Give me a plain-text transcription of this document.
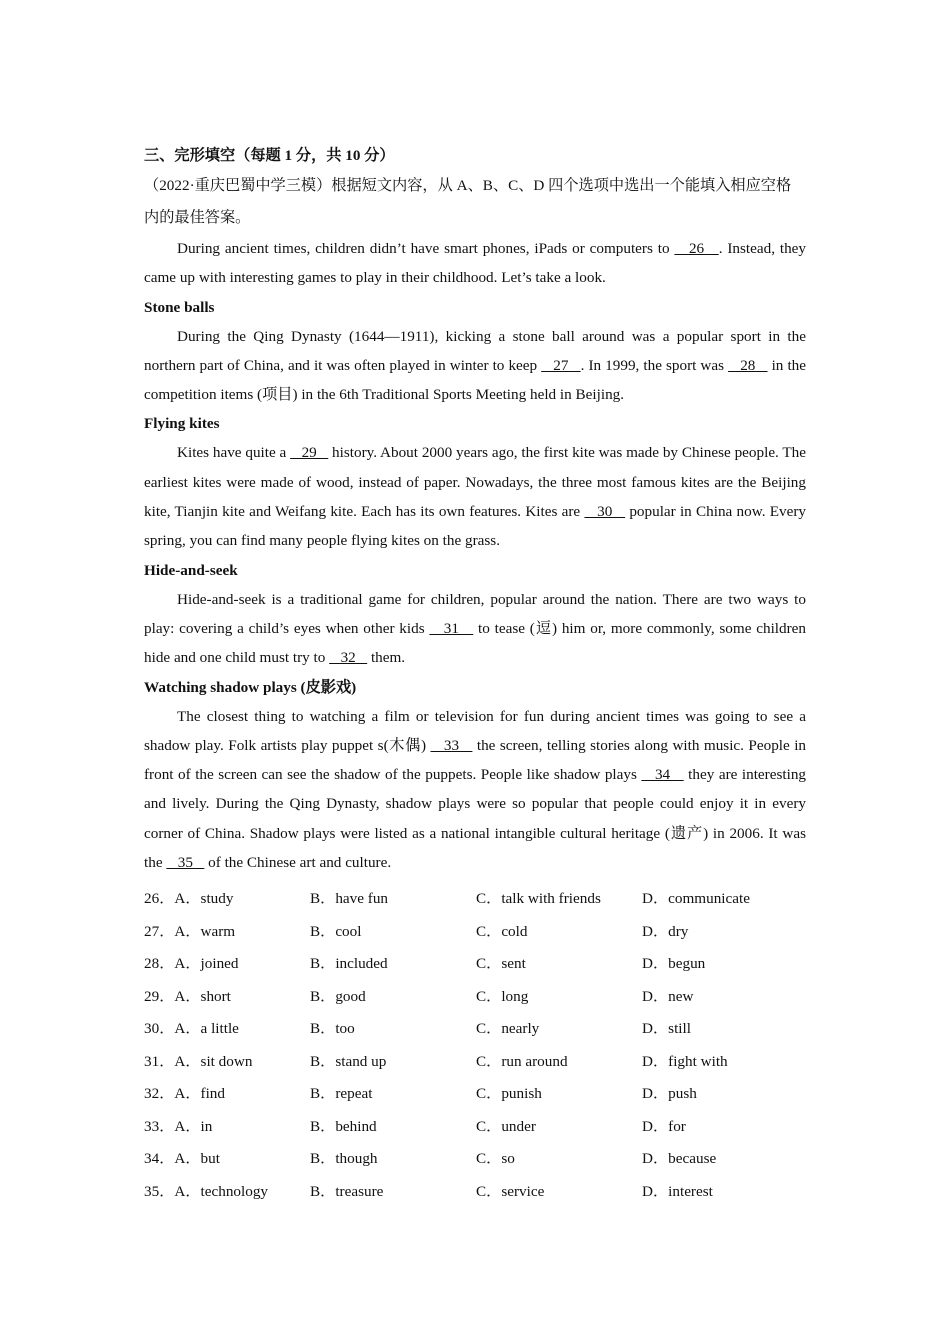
三、完形填空（每题 1 分，共 10 分）

（2022·重庆巴蜀中学三模）根据短文内容，从 A、B、C、D 四个选项中选出一个能填入相应空格内的最佳答案。

During ancient times, children didn’t have smart phones, iPads or computers to    26   . Instead, they came up with interesting games to play in their childhood. Let’s take a look.

Stone balls

During the Qing Dynasty (1644—1911), kicking a stone ball around was a popular sport in the northern part of China, and it was often played in winter to keep    27   . In 1999, the sport was    28    in the competition items (项目) in the 6th Traditional Sports Meeting held in Beijing.

Flying kites

Kites have quite a    29    history. About 2000 years ago, the first kite was made by Chinese people. The earliest kites were made of wood, instead of paper. Nowadays, the three most famous kites are the Beijing kite, Tianjin kite and Weifang kite. Each has its own features. Kites are    30    popular in China now. Every spring, you can find many people flying kites on the grass.

Hide-and-seek

Hide-and-seek is a traditional game for children, popular around the nation. There are two ways to play: covering a child’s eyes when other kids    31    to tease (逗) him or, more commonly, some children hide and one child must try to    32    them.

Watching shadow plays (皮影戏)

The closest thing to watching a film or television for fun during ancient times was going to see a shadow play. Folk artists play puppet s(木偶)    33    the screen, telling stories along with music. People in front of the screen can see the shadow of the puppets. People like shadow plays    34    they are interesting and lively. During the Qing Dynasty, shadow plays were so popular that people could enjoy it in every corner of China. Shadow plays were listed as a national intangible cultural heritage (遗产) in 2006. It was the    35    of the Chinese art and culture.

26．A．study	B．have fun	C．talk with friends	D．communicate
27．A．warm	B．cool	C．cold	D．dry
28．A．joined	B．included	C．sent	D．begun
29．A．short	B．good	C．long	D．new
30．A．a little	B．too	C．nearly	D．still
31．A．sit down	B．stand up	C．run around	D．fight with
32．A．find	B．repeat	C．punish	D．push
33．A．in	B．behind	C．under	D．for
34．A．but	B．though	C．so	D．because
35．A．technology	B．treasure	C．service	D．interest
